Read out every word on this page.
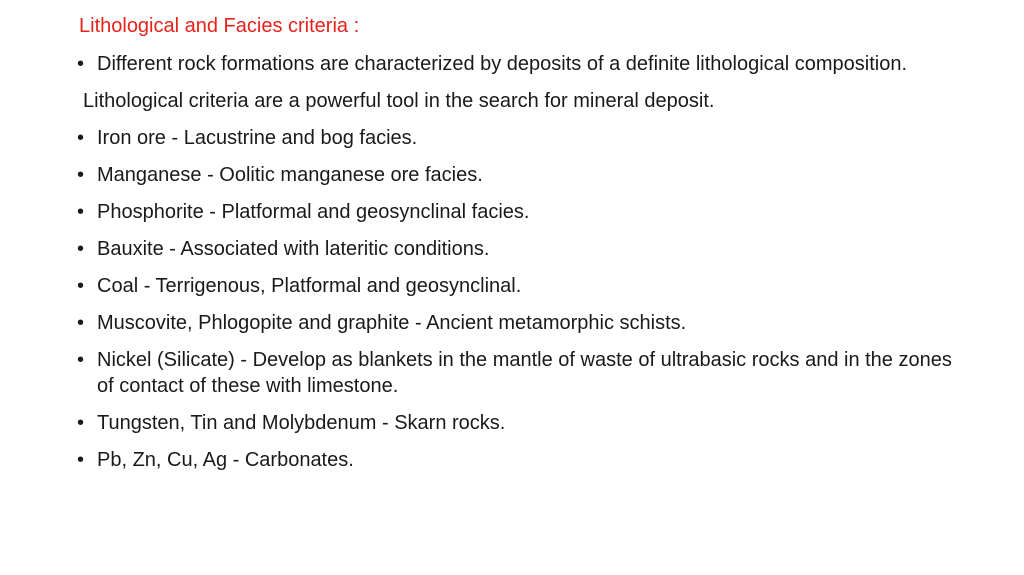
Lithological and Facies criteria :
• Different rock formations are characterized by deposits of a definite lithological composition.
Lithological criteria are a powerful tool in the search for mineral deposit.
• Iron ore - Lacustrine and bog facies.
• Manganese - Oolitic manganese ore facies.
• Phosphorite - Platformal and geosynclinal facies.
• Bauxite - Associated with lateritic conditions.
• Coal - Terrigenous, Platformal and geosynclinal.
• Muscovite, Phlogopite and graphite - Ancient metamorphic schists.
• Nickel (Silicate) - Develop as blankets in the mantle of waste of ultrabasic rocks and in the zones of contact of these with limestone.
• Tungsten, Tin and Molybdenum - Skarn rocks.
• Pb, Zn, Cu, Ag - Carbonates.
